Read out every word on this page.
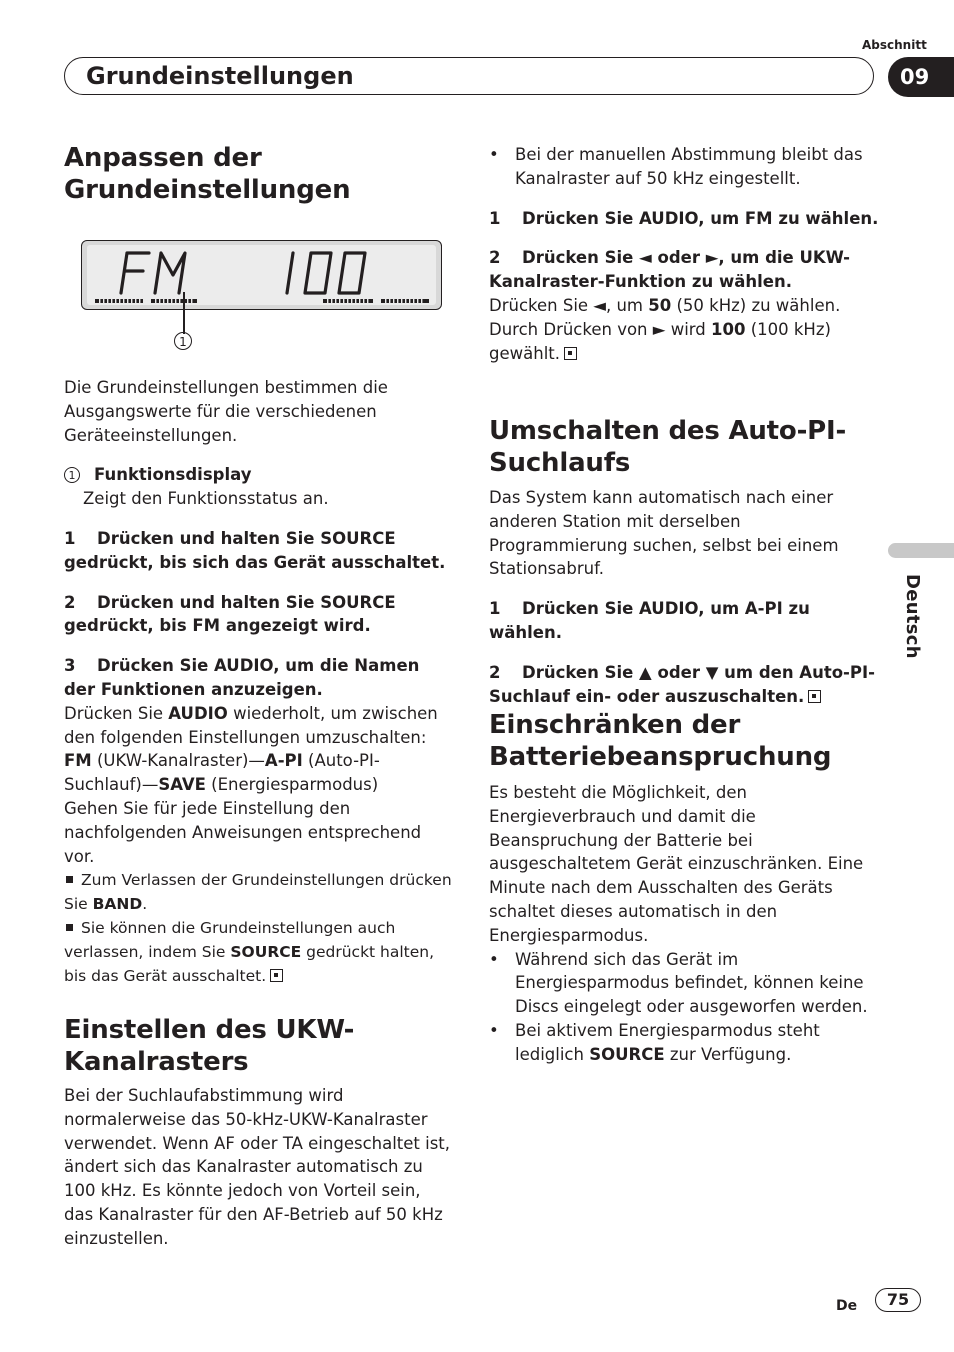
Abschnitt
Grundeinstellungen	09
Deutsch
Anpassen der Grundeinstellungen
1

Die Grundeinstellungen bestimmen die Ausgangswerte für die verschiedenen Geräteeinstellungen.

1 Funktionsdisplay

Zeigt den Funktionsstatus an.

1 Drücken und halten Sie SOURCE gedrückt, bis sich das Gerät ausschaltet.

2 Drücken und halten Sie SOURCE gedrückt, bis FM angezeigt wird.

3 Drücken Sie AUDIO, um die Namen der Funktionen anzuzeigen.

Drücken Sie AUDIO wiederholt, um zwischen den folgenden Einstellungen umzuschalten: FM (UKW-Kanalraster)—A-PI (Auto-PI-Suchlauf)—SAVE (Energiesparmodus)

Gehen Sie für jede Einstellung den nachfolgenden Anweisungen entsprechend vor.

Zum Verlassen der Grundeinstellungen drücken Sie BAND.

Sie können die Grundeinstellungen auch verlassen, indem Sie SOURCE gedrückt halten, bis das Gerät ausschaltet.

Einstellen des UKW-Kanalrasters

Bei der Suchlaufabstimmung wird normalerweise das 50-kHz-UKW-Kanalraster verwendet. Wenn AF oder TA eingeschaltet ist, ändert sich das Kanalraster automatisch zu 100 kHz. Es könnte jedoch von Vorteil sein, das Kanalraster für den AF-Betrieb auf 50 kHz einzustellen.

• Bei der manuellen Abstimmung bleibt das Kanalraster auf 50 kHz eingestellt.

1 Drücken Sie AUDIO, um FM zu wählen.

2 Drücken Sie ◄ oder ►, um die UKW-Kanalraster-Funktion zu wählen.

Drücken Sie ◄, um 50 (50 kHz) zu wählen.
Durch Drücken von ► wird 100 (100 kHz) gewählt.

Umschalten des Auto-PI-Suchlaufs

Das System kann automatisch nach einer anderen Station mit derselben Programmierung suchen, selbst bei einem Stationsabruf.

1 Drücken Sie AUDIO, um A-PI zu wählen.

2 Drücken Sie ▲ oder ▼ um den Auto-PI-Suchlauf ein- oder auszuschalten.

Einschränken der Batteriebeanspruchung

Es besteht die Möglichkeit, den Energieverbrauch und damit die Beanspruchung der Batterie bei ausgeschaltetem Gerät einzuschränken. Eine Minute nach dem Ausschalten des Geräts schaltet dieses automatisch in den Energiesparmodus.

• Während sich das Gerät im Energiesparmodus befindet, können keine Discs eingelegt oder ausgeworfen werden.

• Bei aktivem Energiesparmodus steht lediglich SOURCE zur Verfügung.

De	75
